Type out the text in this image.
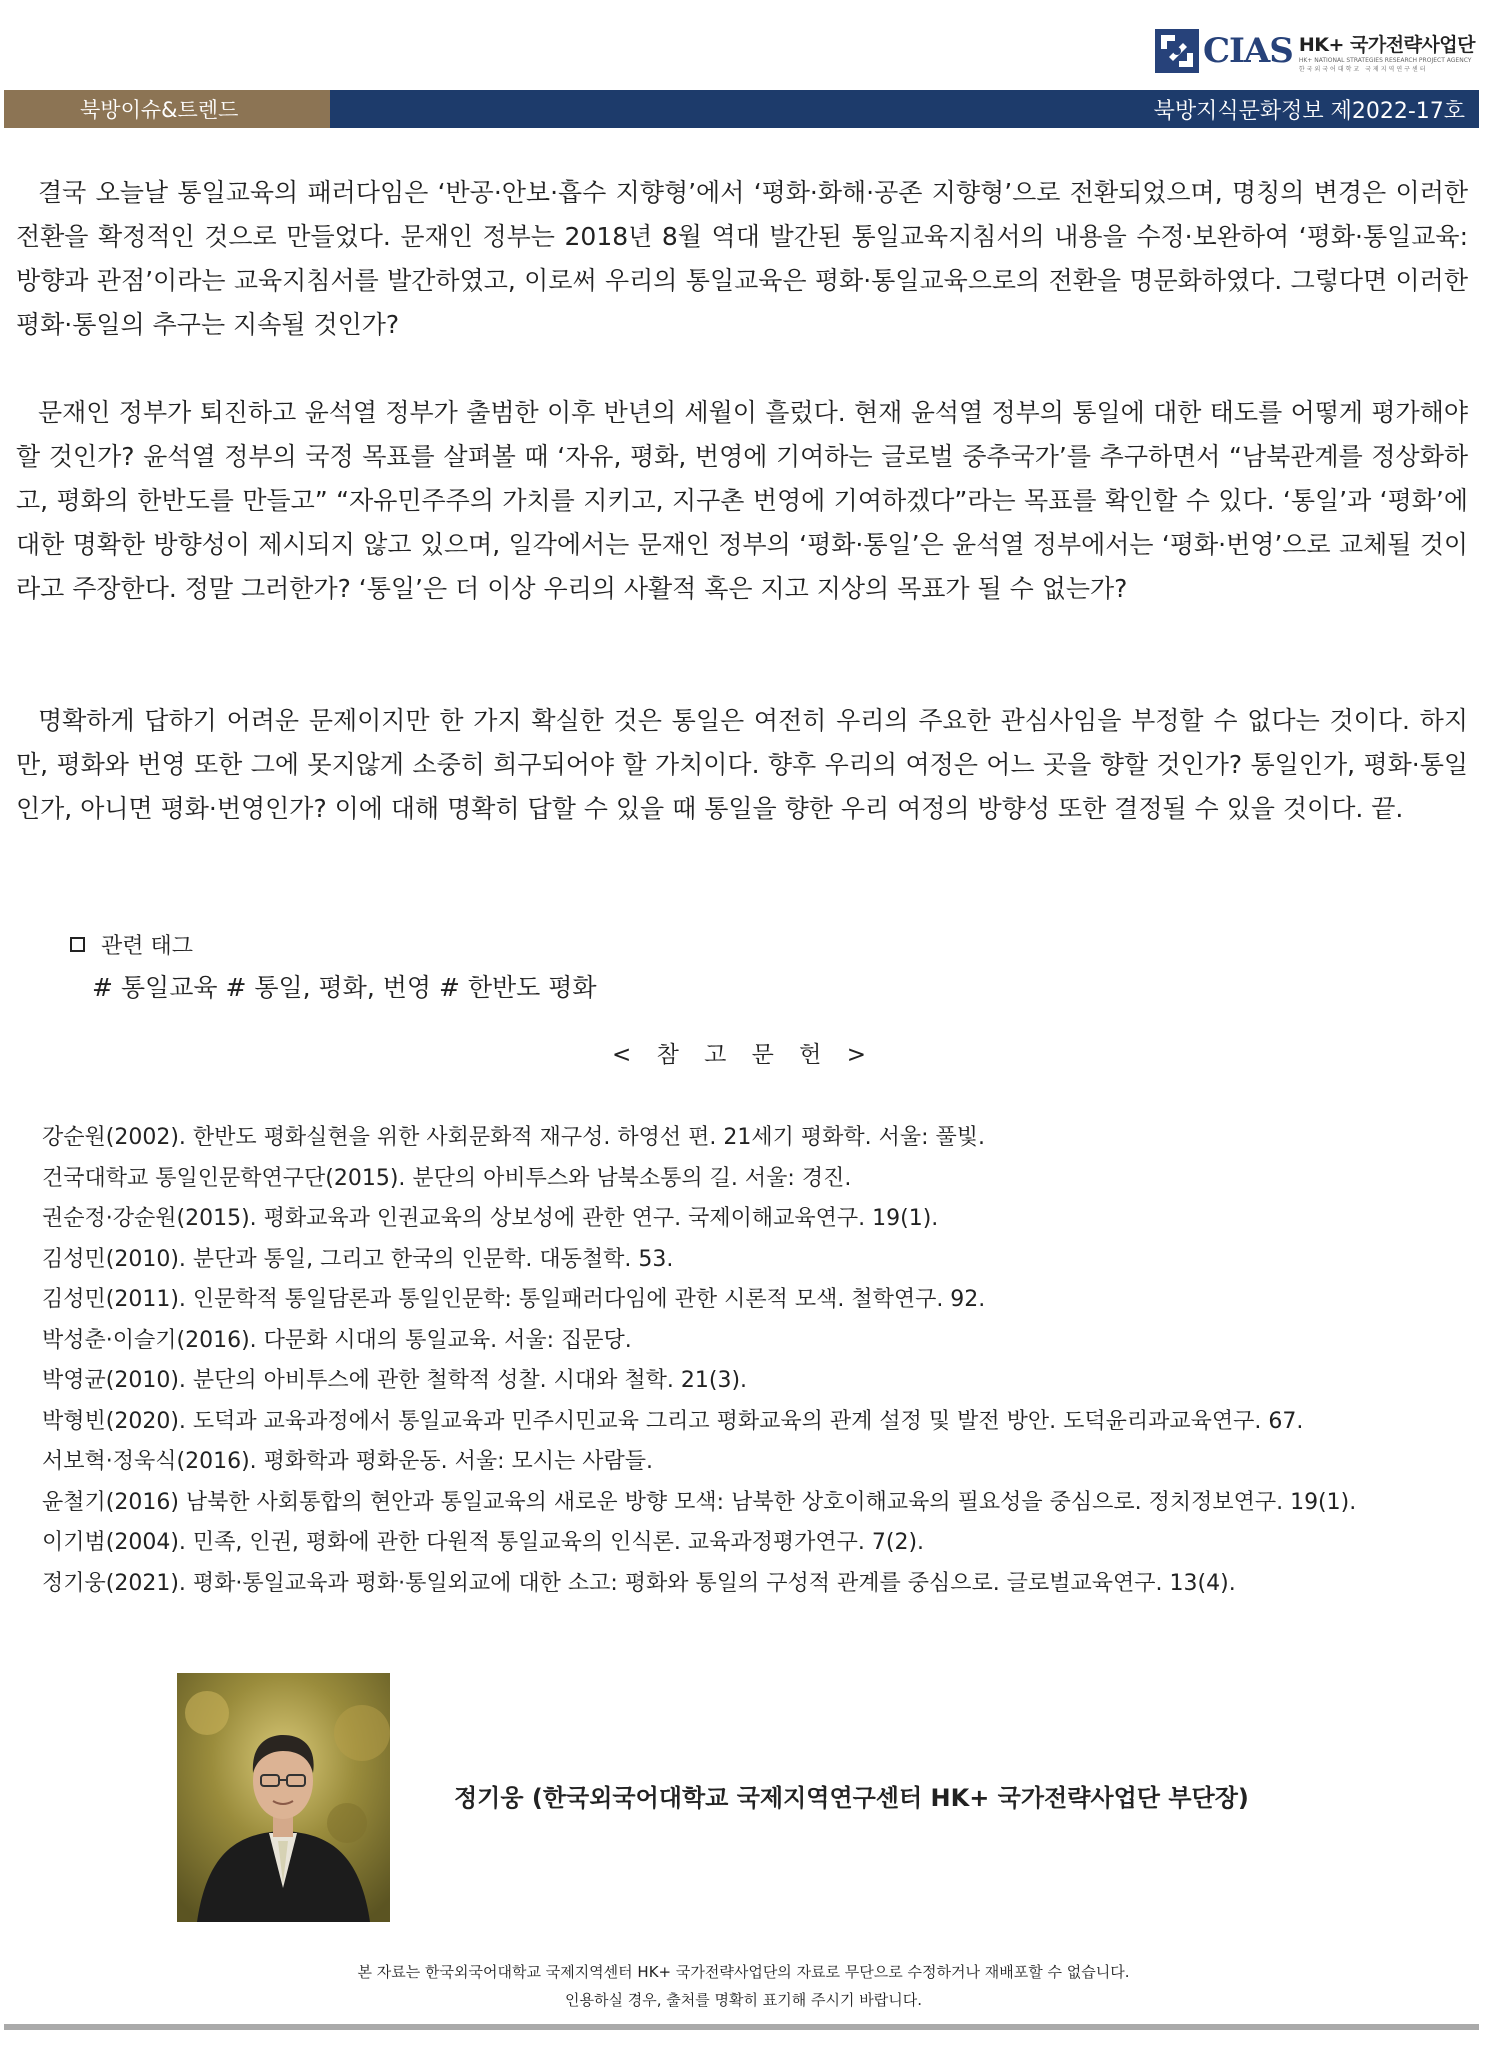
CIAS HK+ 국가전략사업단
HK+ NATIONAL STRATEGIES RESEARCH PROJECT AGENCY
한국외국어대학교 국제지역연구센터
북방이슈&트렌드	북방지식문화정보 제2022-17호

결국 오늘날 통일교육의 패러다임은 ‘반공·안보·흡수 지향형’에서 ‘평화·화해·공존 지향형’으로 전환되었으며, 명칭의 변경은 이러한 전환을 확정적인 것으로 만들었다. 문재인 정부는 2018년 8월 역대 발간된 통일교육지침서의 내용을 수정·보완하여 ‘평화·통일교육: 방향과 관점’이라는 교육지침서를 발간하였고, 이로써 우리의 통일교육은 평화·통일교육으로의 전환을 명문화하였다. 그렇다면 이러한 평화·통일의 추구는 지속될 것인가?

문재인 정부가 퇴진하고 윤석열 정부가 출범한 이후 반년의 세월이 흘렀다. 현재 윤석열 정부의 통일에 대한 태도를 어떻게 평가해야 할 것인가? 윤석열 정부의 국정 목표를 살펴볼 때 ‘자유, 평화, 번영에 기여하는 글로벌 중추국가’를 추구하면서 “남북관계를 정상화하고, 평화의 한반도를 만들고” “자유민주주의 가치를 지키고, 지구촌 번영에 기여하겠다”라는 목표를 확인할 수 있다. ‘통일’과 ‘평화’에 대한 명확한 방향성이 제시되지 않고 있으며, 일각에서는 문재인 정부의 ‘평화·통일’은 윤석열 정부에서는 ‘평화·번영’으로 교체될 것이라고 주장한다. 정말 그러한가? ‘통일’은 더 이상 우리의 사활적 혹은 지고 지상의 목표가 될 수 없는가?

명확하게 답하기 어려운 문제이지만 한 가지 확실한 것은 통일은 여전히 우리의 주요한 관심사임을 부정할 수 없다는 것이다. 하지만, 평화와 번영 또한 그에 못지않게 소중히 희구되어야 할 가치이다. 향후 우리의 여정은 어느 곳을 향할 것인가? 통일인가, 평화·통일인가, 아니면 평화·번영인가? 이에 대해 명확히 답할 수 있을 때 통일을 향한 우리 여정의 방향성 또한 결정될 수 있을 것이다. 끝.

관련 태그
# 통일교육 # 통일, 평화, 번영 # 한반도 평화
< 참 고 문 헌 >
강순원(2002). 한반도 평화실현을 위한 사회문화적 재구성. 하영선 편. 21세기 평화학. 서울: 풀빛.
건국대학교 통일인문학연구단(2015). 분단의 아비투스와 남북소통의 길. 서울: 경진.
권순정·강순원(2015). 평화교육과 인권교육의 상보성에 관한 연구. 국제이해교육연구. 19(1).
김성민(2010). 분단과 통일, 그리고 한국의 인문학. 대동철학. 53.
김성민(2011). 인문학적 통일담론과 통일인문학: 통일패러다임에 관한 시론적 모색. 철학연구. 92.
박성춘·이슬기(2016). 다문화 시대의 통일교육. 서울: 집문당.
박영균(2010). 분단의 아비투스에 관한 철학적 성찰. 시대와 철학. 21(3).
박형빈(2020). 도덕과 교육과정에서 통일교육과 민주시민교육 그리고 평화교육의 관계 설정 및 발전 방안. 도덕윤리과교육연구. 67.
서보혁·정욱식(2016). 평화학과 평화운동. 서울: 모시는 사람들.
윤철기(2016) 남북한 사회통합의 현안과 통일교육의 새로운 방향 모색: 남북한 상호이해교육의 필요성을 중심으로. 정치정보연구. 19(1).
이기범(2004). 민족, 인권, 평화에 관한 다원적 통일교육의 인식론. 교육과정평가연구. 7(2).
정기웅(2021). 평화·통일교육과 평화·통일외교에 대한 소고: 평화와 통일의 구성적 관계를 중심으로. 글로벌교육연구. 13(4).
정기웅 (한국외국어대학교 국제지역연구센터 HK+ 국가전략사업단 부단장)
본 자료는 한국외국어대학교 국제지역센터 HK+ 국가전략사업단의 자료로 무단으로 수정하거나 재배포할 수 없습니다.
인용하실 경우, 출처를 명확히 표기해 주시기 바랍니다.
